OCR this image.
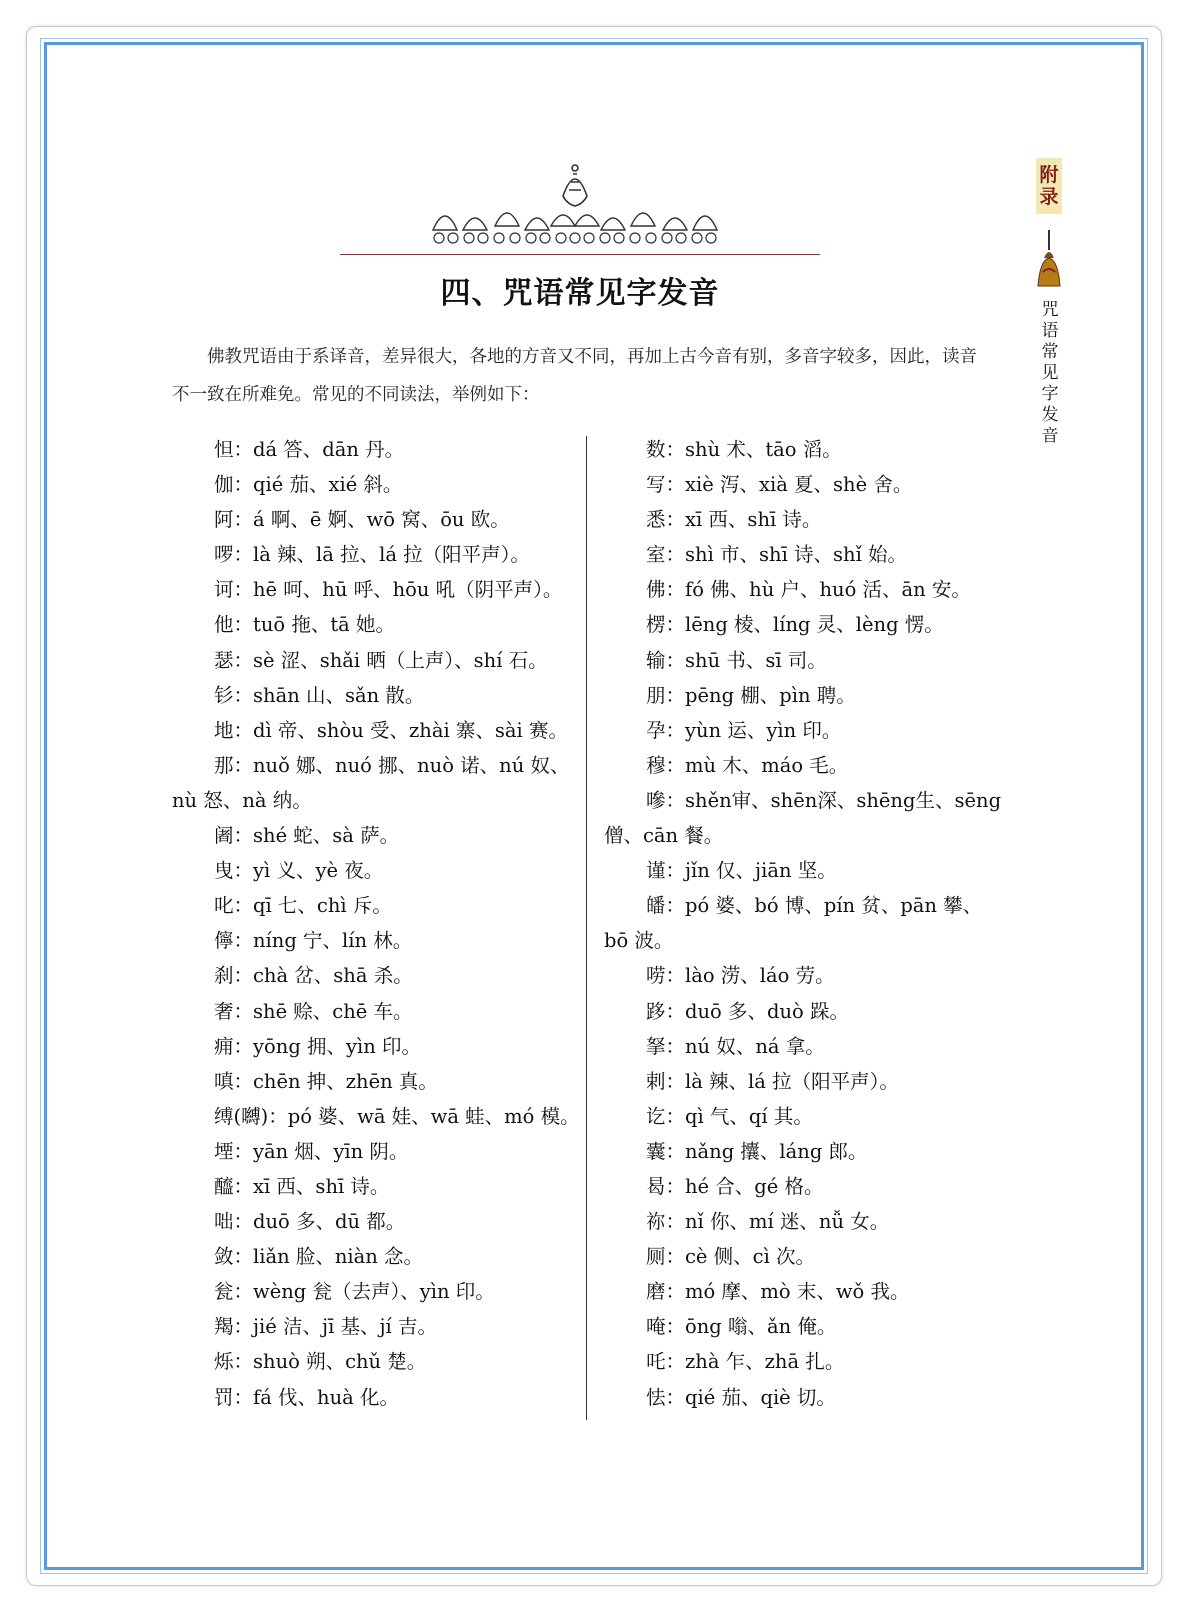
四、咒语常见字发音

佛教咒语由于系译音，差异很大，各地的方音又不同，再加上古今音有别，多音字较多，因此，读音不一致在所难免。常见的不同读法，举例如下：

怛：dá 答、dān 丹。
伽：qié 茄、xié 斜。
阿：á 啊、ē 婀、wō 窝、ōu 欧。
啰：là 辣、lā 拉、lá 拉（阳平声）。
诃：hē 呵、hū 呼、hōu 吼（阴平声）。
他：tuō 拖、tā 她。
瑟：sè 涩、shǎi 晒（上声）、shí 石。
钐：shān 山、sǎn 散。
地：dì 帝、shòu 受、zhài 寨、sài 赛。
那：nuǒ 娜、nuó 挪、nuò 诺、nú 奴、
nù 怒、nà 纳。
阇：shé 蛇、sà 萨。
曳：yì 义、yè 夜。
叱：qī 七、chì 斥。
儜：níng 宁、lín 林。
刹：chà 岔、shā 杀。
奢：shē 赊、chē 车。
痈：yōng 拥、yìn 印。
嗔：chēn 抻、zhēn 真。
缚(嚩)：pó 婆、wā 娃、wā 蛙、mó 模。
堙：yān 烟、yīn 阴。
醯：xī 西、shī 诗。
咄：duō 多、dū 都。
敛：liǎn 脸、niàn 念。
瓮：wèng 瓮（去声）、yìn 印。
羯：jié 洁、jī 基、jí 吉。
烁：shuò 朔、chǔ 楚。
罚：fá 伐、huà 化。
数：shù 术、tāo 滔。
写：xiè 泻、xià 夏、shè 舍。
悉：xī 西、shī 诗。
室：shì 市、shī 诗、shǐ 始。
佛：fó 佛、hù 户、huó 活、ān 安。
楞：lēng 棱、líng 灵、lèng 愣。
输：shū 书、sī 司。
朋：pēng 棚、pìn 聘。
孕：yùn 运、yìn 印。
穆：mù 木、máo 毛。
嘇：shěn审、shēn深、shēng生、sēng
僧、cān 餐。
谨：jǐn 仅、jiān 坚。
皤：pó 婆、bó 博、pín 贫、pān 攀、
bō 波。
唠：lào 涝、láo 劳。
跢：duō 多、duò 跺。
拏：nú 奴、ná 拿。
剌：là 辣、lá 拉（阳平声）。
讫：qì 气、qí 其。
囊：nǎng 攮、láng 郎。
曷：hé 合、gé 格。
祢：nǐ 你、mí 迷、nǚ 女。
厕：cè 侧、cì 次。
磨：mó 摩、mò 末、wǒ 我。
唵：ōng 嗡、ǎn 俺。
吒：zhà 乍、zhā 扎。
怯：qié 茄、qiè 切。
附录
咒语常见字发音
